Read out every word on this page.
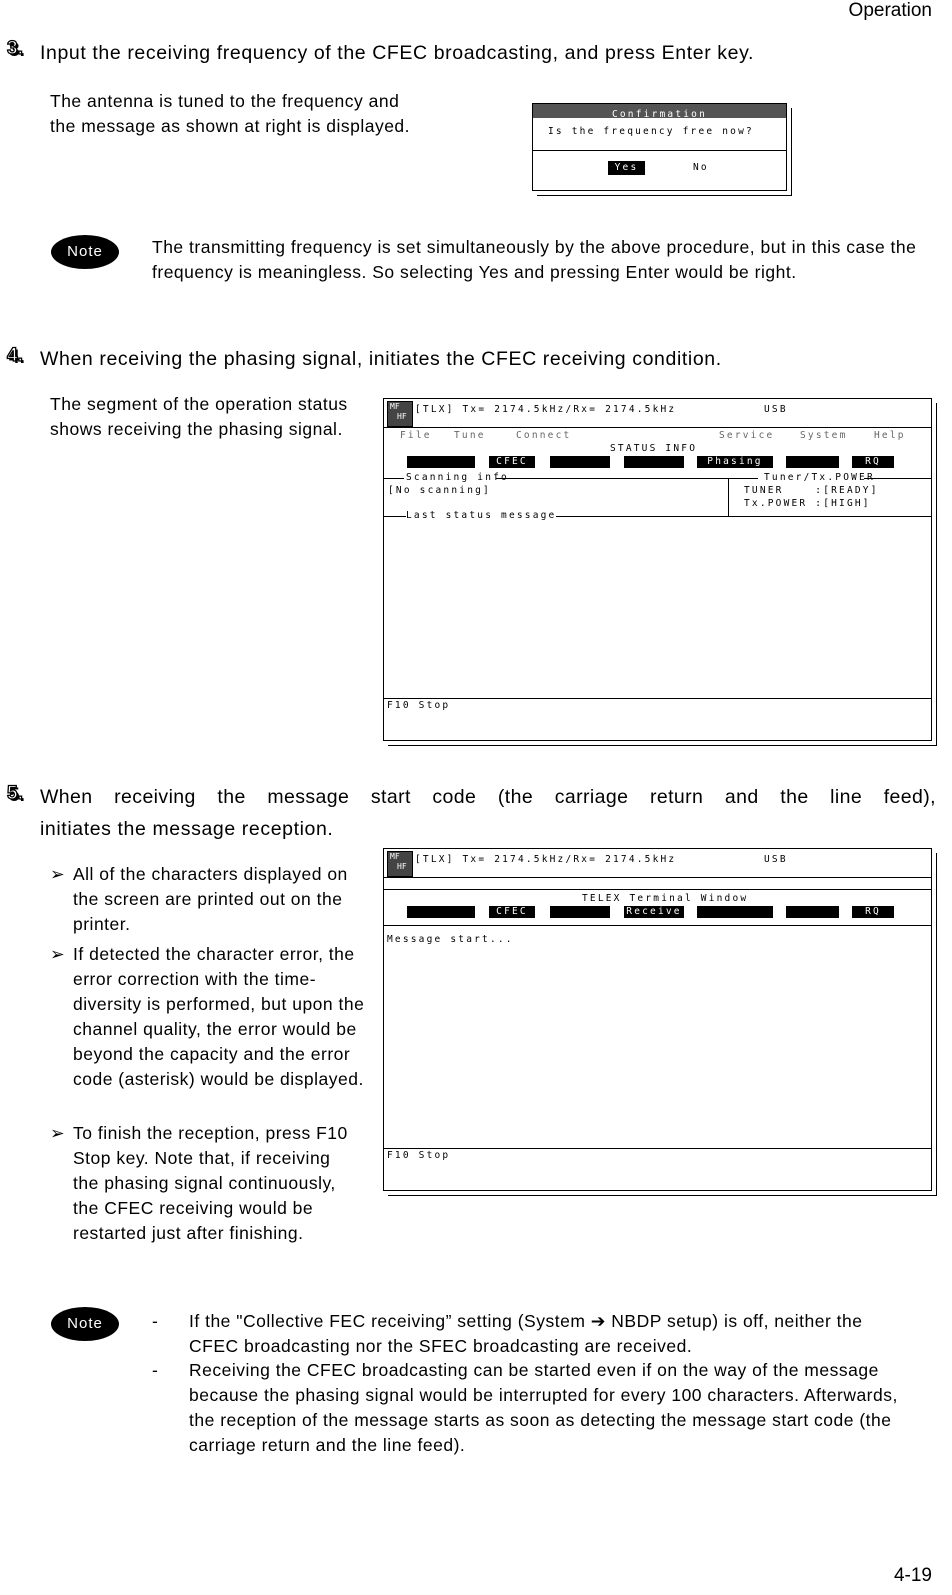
Operation
3. Input the receiving frequency of the CFEC broadcasting, and press Enter key.
The antenna is tuned to the frequency and the message as shown at right is displayed.
Confirmation
Is the frequency free now?
Yes	No
Note	The transmitting frequency is set simultaneously by the above procedure, but in this case the frequency is meaningless. So selecting Yes and pressing Enter would be right.
4. When receiving the phasing signal, initiates the CFEC receiving condition.
The segment of the operation status shows receiving the phasing signal.
MF
HF
[TLX] Tx= 2174.5kHz/Rx= 2174.5kHz	USB
File Tune	Connect	Service	System	Help
STATUS INFO
CFEC	Phasing	RQ
Scanning info
[No scanning]
Tuner/Tx.POWER
TUNER    :[READY]
Tx.POWER :[HIGH]
Last status message
F10 Stop
5. When receiving the message start code (the carriage return and the line feed),
initiates the message reception.
➢ All of the characters displayed on the screen are printed out on the printer.
➢ If detected the character error, the error correction with the time-diversity is performed, but upon the channel quality, the error would be beyond the capacity and the error code (asterisk) would be displayed.
➢ To finish the reception, press F10 Stop key. Note that, if receiving the phasing signal continuously, the CFEC receiving would be restarted just after finishing.
MF
HF
[TLX] Tx= 2174.5kHz/Rx= 2174.5kHz	USB
TELEX Terminal Window
CFEC	Receive	RQ
Message start...
F10 Stop
Note	- If the "Collective FEC receiving” setting (System ➔ NBDP setup) is off, neither the CFEC broadcasting nor the SFEC broadcasting are received.
- Receiving the CFEC broadcasting can be started even if on the way of the message because the phasing signal would be interrupted for every 100 characters. Afterwards, the reception of the message starts as soon as detecting the message start code (the carriage return and the line feed).
4-19
